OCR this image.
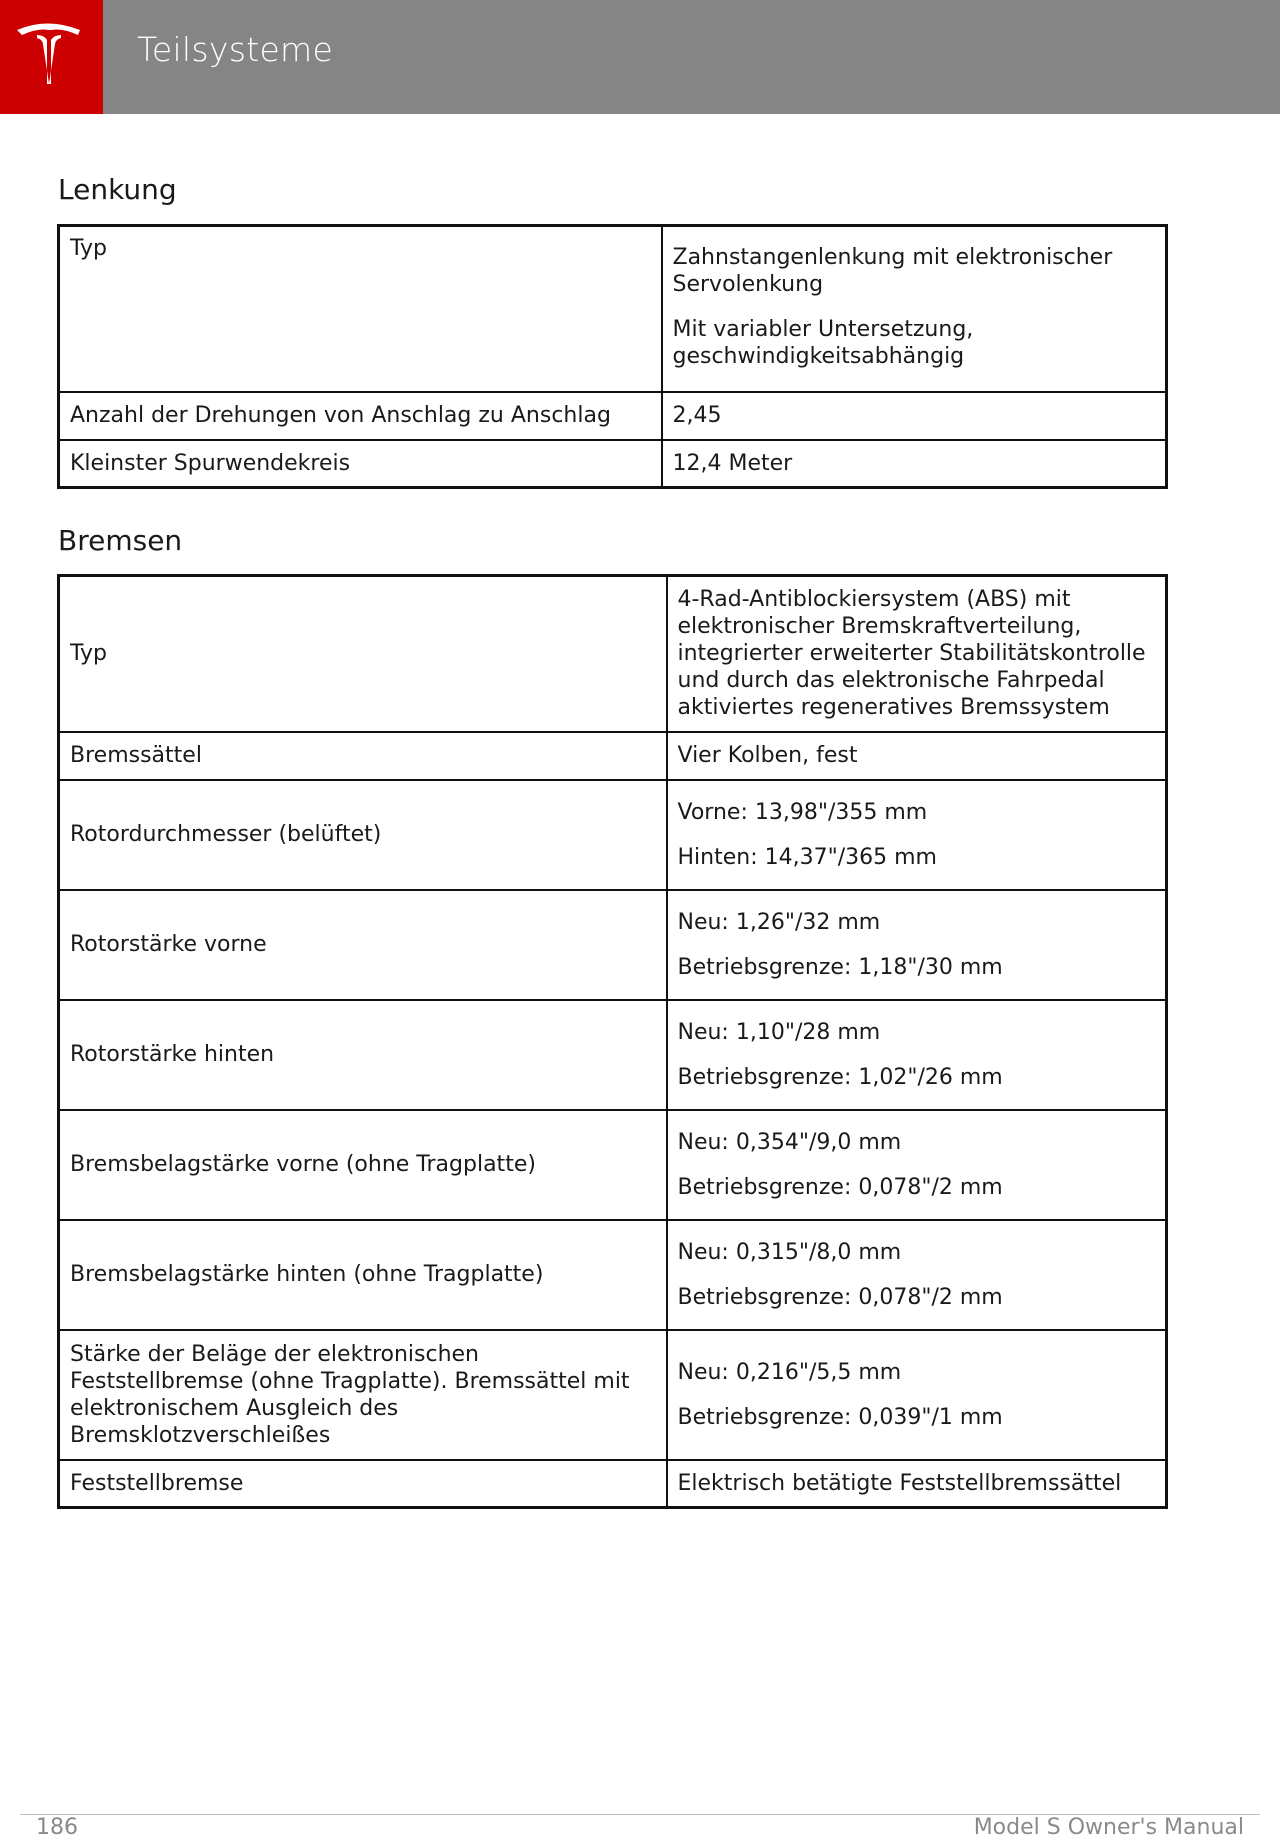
Teilsysteme
Lenkung
Typ	Zahnstangenlenkung mit elektronischer Servolenkung

Mit variabler Untersetzung, geschwindigkeitsabhängig

Anzahl der Drehungen von Anschlag zu Anschlag	2,45
Kleinster Spurwendekreis	12,4 Meter
Bremsen
Typ	4-Rad-Antiblockiersystem (ABS) mit elektronischer Bremskraftverteilung, integrierter erweiterter Stabilitätskontrolle und durch das elektronische Fahrpedal aktiviertes regeneratives Bremssystem
Bremssättel	Vier Kolben, fest
Rotordurchmesser (belüftet)	Vorne: 13,98"/355 mm

Hinten: 14,37"/365 mm

Rotorstärke vorne	Neu: 1,26"/32 mm

Betriebsgrenze: 1,18"/30 mm

Rotorstärke hinten	Neu: 1,10"/28 mm

Betriebsgrenze: 1,02"/26 mm

Bremsbelagstärke vorne (ohne Tragplatte)	Neu: 0,354"/9,0 mm

Betriebsgrenze: 0,078"/2 mm

Bremsbelagstärke hinten (ohne Tragplatte)	Neu: 0,315"/8,0 mm

Betriebsgrenze: 0,078"/2 mm

Stärke der Beläge der elektronischen Feststellbremse (ohne Tragplatte). Bremssättel mit elektronischem Ausgleich des Bremsklotzverschleißes	Neu: 0,216"/5,5 mm

Betriebsgrenze: 0,039"/1 mm

Feststellbremse	Elektrisch betätigte Feststellbremssättel
186	Model S Owner's Manual
